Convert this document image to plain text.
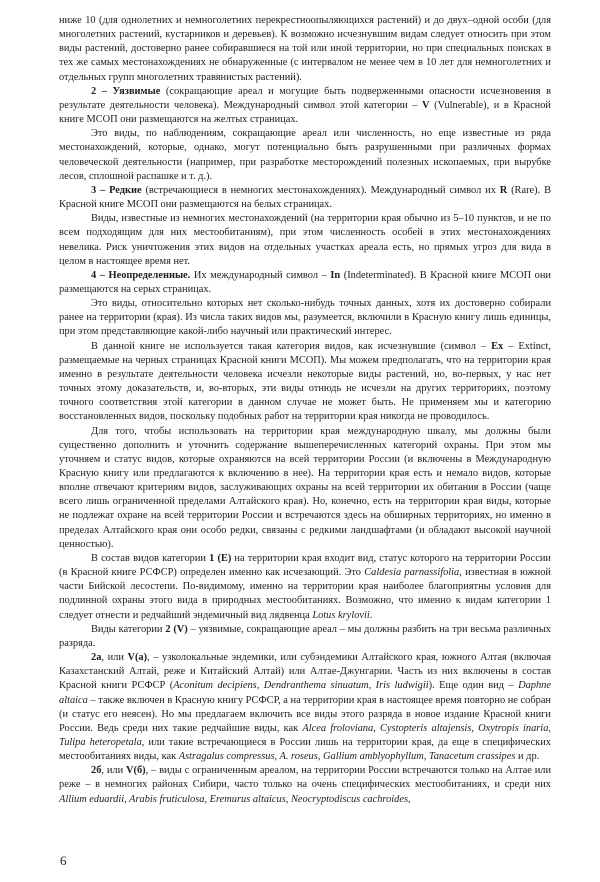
ниже 10 (для однолетних и немноголетних перекрестноопыляющихся растений) и до двух–одной особи (для многолетних растений, кустарников и деревьев). К возможно исчезнувшим видам следует относить при этом виды растений, достоверно ранее собиравшиеся на той или иной территории, но при специальных поисках в тех же самых местонахождениях не обнаруженные (с интервалом не менее чем в 10 лет для немноголетних и отдельных групп многолетних травянистых растений).

2 – Уязвимые (сокращающие ареал и могущие быть подверженными опасности исчезновения в результате деятельности человека). Международный символ этой категории – V (Vulnerable), и в Красной книге МСОП они размещаются на желтых страницах.

Это виды, по наблюдениям, сокращающие ареал или численность, но еще известные из ряда местонахождений, которые, однако, могут потенциально быть разрушенными при различных формах человеческой деятельности (например, при разработке месторождений полезных ископаемых, при вырубке лесов, сплошной распашке и т. д.).

3 – Редкие (встречающиеся в немногих местонахождениях). Международный символ их R (Rare). В Красной книге МСОП они размещаются на белых страницах.

Виды, известные из немногих местонахождений (на территории края обычно из 5–10 пунктов, и не по всем подходящим для них местообитаниям), при этом численность особей в этих местонахождениях невелика. Риск уничтожения этих видов на отдельных участках ареала есть, но прямых угроз для вида в целом в настоящее время нет.

4 – Неопределенные. Их международный символ – In (Indeterminated). В Красной книге МСОП они размещаются на серых страницах.

Это виды, относительно которых нет сколько-нибудь точных данных, хотя их достоверно собирали ранее на территории (края). Из числа таких видов мы, разумеется, включили в Красную книгу лишь единицы, при этом представляющие какой-либо научный или практический интерес.

В данной книге не используется такая категория видов, как исчезнувшие (символ – Ex – Extinct, размещаемые на черных страницах Красной книги МСОП). Мы можем предполагать, что на территории края именно в результате деятельности человека исчезли некоторые виды растений, но, во-первых, у нас нет точных этому доказательств, и, во-вторых, эти виды отнюдь не исчезли на других территориях, поэтому точного соответствия этой категории в данном случае не может быть. Не применяем мы и категорию восстановленных видов, поскольку подобных работ на территории края никогда не проводилось.

Для того, чтобы использовать на территории края международную шкалу, мы должны были существенно дополнить и уточнить содержание вышеперечисленных категорий охраны. При этом мы уточняем и статус видов, которые охраняются на всей территории России (и включены в Международную Красную книгу или предлагаются к включению в нее). На территории края есть и немало видов, которые вполне отвечают критериям видов, заслуживающих охраны на всей территории их обитания в России (чаще всего лишь ограниченной пределами Алтайского края). Но, конечно, есть на территории края виды, которые не подлежат охране на всей территории России и встречаются здесь на обширных территориях, но именно в пределах Алтайского края они особо редки, связаны с редкими ландшафтами (и обладают высокой научной ценностью).

В состав видов категории 1 (E) на территории края входит вид, статус которого на территории России (в Красной книге РСФСР) определен именно как исчезающий. Это Caldesia parnassifolia, известная в южной части Бийской лесостепи. По-видимому, именно на территории края наиболее благоприятны условия для подлинной охраны этого вида в природных местообитаниях. Возможно, что именно к видам категории 1 следует отнести и редчайший эндемичный вид лядвенца Lotus krylovii.

Виды категории 2 (V) – уязвимые, сокращающие ареал – мы должны разбить на три весьма различных разряда.

2а, или V(а), – узколокальные эндемики, или субэндемики Алтайского края, южного Алтая (включая Казахстанский Алтай, реже и Китайский Алтай) или Алтае-Джунгарии. Часть из них включены в состав Красной книги РСФСР (Aconitum decipiens, Dendranthema sinuatum, Iris ludwigii). Еще один вид – Daphne altaica – также включен в Красную книгу РСФСР, а на территории края в настоящее время повторно не собран (и статус его неясен). Но мы предлагаем включить все виды этого разряда в новое издание Красной книги России. Ведь среди них такие редчайшие виды, как Alcea froloviana, Cystopteris altajensis, Oxytropis inaria, Tulipa heteropetala, или такие встречающиеся в России лишь на территории края, да еще в специфических местообитаниях виды, как Astragalus compressus, A. roseus, Gallium amblyophyllum, Tanacetum crassipes и др.

2б, или V(б), – виды с ограниченным ареалом, на территории России встречаются только на Алтае или реже – в немногих районах Сибири, часто только на очень специфических местообитаниях, и среди них Allium eduardii, Arabis fruticulosa, Eremurus altaicus, Neocryptodiscus cachroides,

6
